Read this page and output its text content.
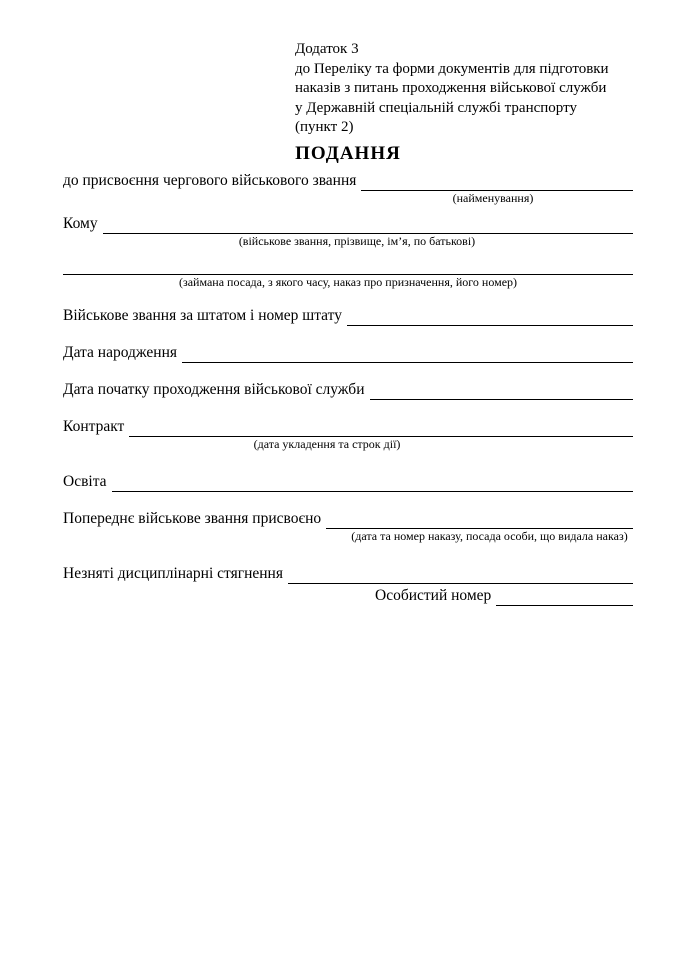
Додаток 3
до Переліку та форми документів для підготовки
наказів з питань проходження військової служби
у Державній спеціальній службі транспорту
(пункт 2)
ПОДАННЯ
до присвоєння чергового військового звання
(найменування)
Кому
(військове звання, прізвище, ім’я, по батькові)
(займана посада, з якого часу, наказ про призначення, його номер)
Військове звання за штатом і номер штату
Дата народження
Дата початку проходження військової служби
Контракт
(дата укладення та строк дії)
Освіта
Попереднє військове звання присвоєно
(дата та номер наказу, посада особи, що видала наказ)
Незняті дисциплінарні стягнення
Особистий номер
